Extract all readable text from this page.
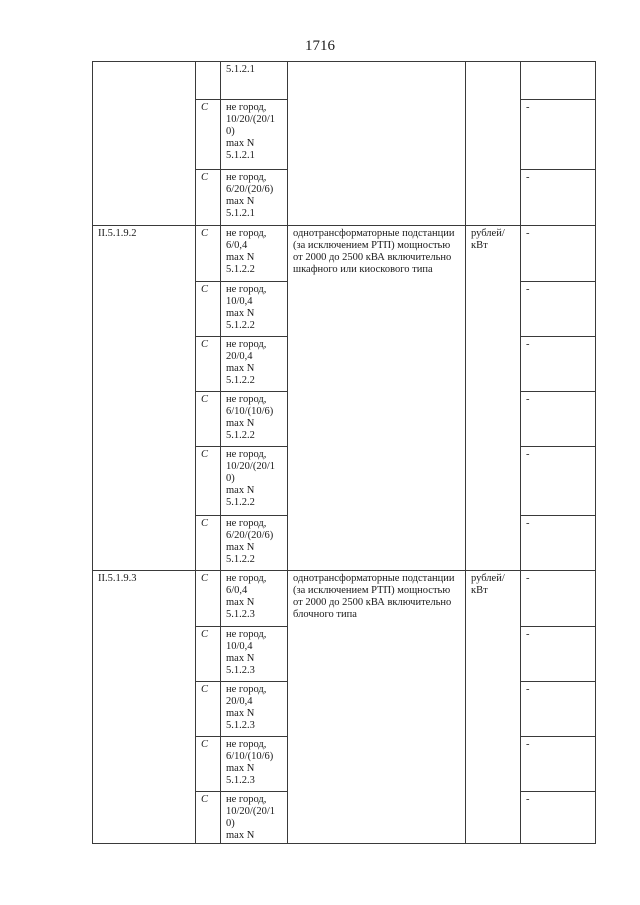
1716

		5.1.2.1			

	C	не город,
10/20/(20/1
0)
max N
5.1.2.1			-
	C	не город,
6/20/(20/6)
max N
5.1.2.1			-
II.5.1.9.2	C	не город,
6/0,4
max N
5.1.2.2	однотрансформаторные подстанции (за исключением РТП) мощностью от 2000 до 2500 кВА включительно шкафного или киоскового типа	рублей/ кВт	-
	C	не город,
10/0,4
max N
5.1.2.2			-
	C	не город,
20/0,4
max N
5.1.2.2			-
	C	не город,
6/10/(10/6)
max N
5.1.2.2			-
	C	не город,
10/20/(20/1
0)
max N
5.1.2.2			-
	C	не город,
6/20/(20/6)
max N
5.1.2.2			-
II.5.1.9.3	C	не город,
6/0,4
max N
5.1.2.3	однотрансформаторные подстанции (за исключением РТП) мощностью от 2000 до 2500 кВА включительно блочного типа	рублей/ кВт	-
	C	не город,
10/0,4
max N
5.1.2.3			-
	C	не город,
20/0,4
max N
5.1.2.3			-
	C	не город,
6/10/(10/6)
max N
5.1.2.3			-
	C	не город,
10/20/(20/1
0)
max N			-
